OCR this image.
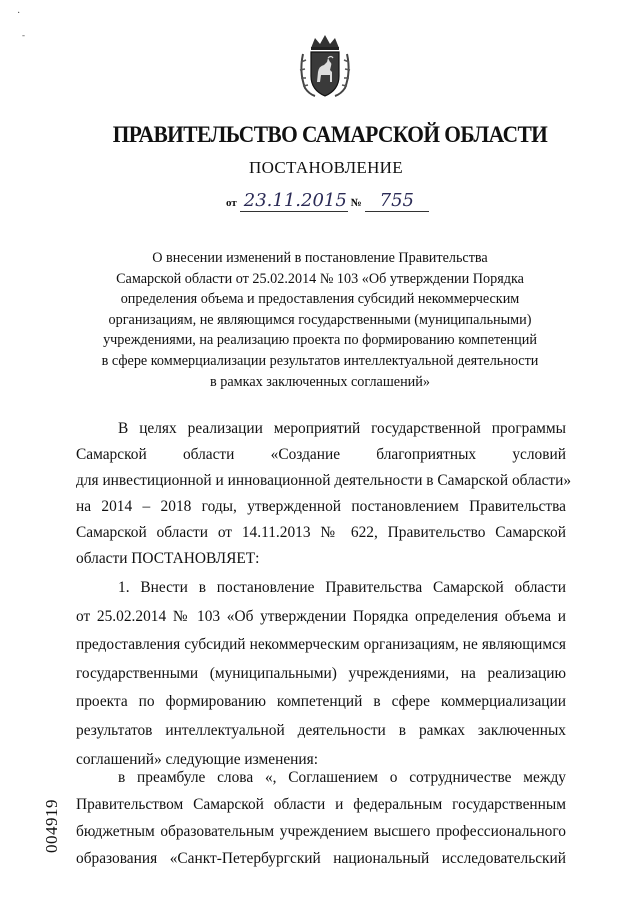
·
-
ПРАВИТЕЛЬСТВО САМАРСКОЙ ОБЛАСТИ
ПОСТАНОВЛЕНИЕ
от 23.11.2015 № 755
О внесении изменений в постановление Правительства
Самарской области от 25.02.2014 № 103 «Об утверждении Порядка
определения объема и предоставления субсидий некоммерческим
организациям, не являющимся государственными (муниципальными)
учреждениями, на реализацию проекта по формированию компетенций
в сфере коммерциализации результатов интеллектуальной деятельности
в рамках заключенных соглашений»
В целях реализации мероприятий государственной программы
Самарской области «Создание благоприятных условий
для инвестиционной и инновационной деятельности в Самарской области»
на 2014 – 2018 годы, утвержденной постановлением Правительства
Самарской области от 14.11.2013 № 622, Правительство Самарской
области ПОСТАНОВЛЯЕТ:
1. Внести в постановление Правительства Самарской области
от 25.02.2014 № 103 «Об утверждении Порядка определения объема и
предоставления субсидий некоммерческим организациям, не являющимся
государственными (муниципальными) учреждениями, на реализацию
проекта по формированию компетенций в сфере коммерциализации
результатов интеллектуальной деятельности в рамках заключенных
соглашений» следующие изменения:
в преамбуле слова «, Соглашением о сотрудничестве между
Правительством Самарской области и федеральным государственным
бюджетным образовательным учреждением высшего профессионального
образования «Санкт-Петербургский национальный исследовательский
004919
